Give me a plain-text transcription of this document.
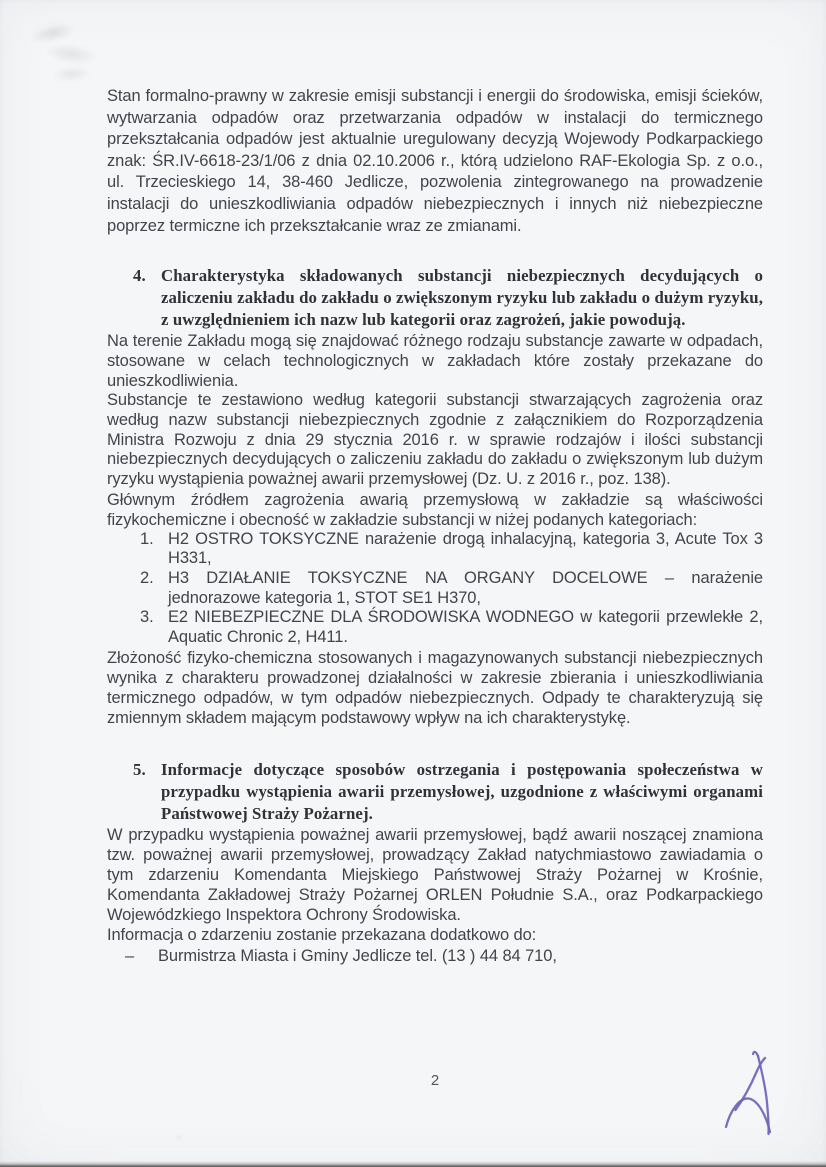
Stan formalno-prawny w zakresie emisji substancji i energii do środowiska, emisji ścieków, wytwarzania odpadów oraz przetwarzania odpadów w instalacji do termicznego przekształcania odpadów jest aktualnie uregulowany decyzją Wojewody Podkarpackiego znak: ŚR.IV-6618-23/1/06 z dnia 02.10.2006 r., którą udzielono RAF-Ekologia Sp. z o.o., ul. Trzecieskiego 14, 38-460 Jedlicze, pozwolenia zintegrowanego na prowadzenie instalacji do unieszkodliwiania odpadów niebezpiecznych i innych niż niebezpieczne poprzez termiczne ich przekształcanie wraz ze zmianami.

4. Charakterystyka składowanych substancji niebezpiecznych decydujących o zaliczeniu zakładu do zakładu o zwiększonym ryzyku lub zakładu o dużym ryzyku, z uwzględnieniem ich nazw lub kategorii oraz zagrożeń, jakie powodują.

Na terenie Zakładu mogą się znajdować różnego rodzaju substancje zawarte w odpadach, stosowane w celach technologicznych w zakładach które zostały przekazane do unieszkodliwienia.

Substancje te zestawiono według kategorii substancji stwarzających zagrożenia oraz według nazw substancji niebezpiecznych zgodnie z załącznikiem do Rozporządzenia Ministra Rozwoju z dnia 29 stycznia 2016 r. w sprawie rodzajów i ilości substancji niebezpiecznych decydujących o zaliczeniu zakładu do zakładu o zwiększonym lub dużym ryzyku wystąpienia poważnej awarii przemysłowej (Dz. U. z 2016 r., poz. 138).

Głównym źródłem zagrożenia awarią przemysłową w zakładzie są właściwości fizykochemiczne i obecność w zakładzie substancji w niżej podanych kategoriach:

1. H2 OSTRO TOKSYCZNE narażenie drogą inhalacyjną, kategoria 3, Acute Tox 3 H331,
2. H3 DZIAŁANIE TOKSYCZNE NA ORGANY DOCELOWE – narażenie jednorazowe kategoria 1, STOT SE1 H370,
3. E2 NIEBEZPIECZNE DLA ŚRODOWISKA WODNEGO w kategorii przewlekłe 2, Aquatic Chronic 2, H411.

Złożoność fizyko-chemiczna stosowanych i magazynowanych substancji niebezpiecznych wynika z charakteru prowadzonej działalności w zakresie zbierania i unieszkodliwiania termicznego odpadów, w tym odpadów niebezpiecznych. Odpady te charakteryzują się zmiennym składem mającym podstawowy wpływ na ich charakterystykę.

5. Informacje dotyczące sposobów ostrzegania i postępowania społeczeństwa w przypadku wystąpienia awarii przemysłowej, uzgodnione z właściwymi organami Państwowej Straży Pożarnej.

W przypadku wystąpienia poważnej awarii przemysłowej, bądź awarii noszącej znamiona tzw. poważnej awarii przemysłowej, prowadzący Zakład natychmiastowo zawiadamia o tym zdarzeniu Komendanta Miejskiego Państwowej Straży Pożarnej w Krośnie, Komendanta Zakładowej Straży Pożarnej ORLEN Południe S.A., oraz Podkarpackiego Wojewódzkiego Inspektora Ochrony Środowiska.

Informacja o zdarzeniu zostanie przekazana dodatkowo do:

–	Burmistrza Miasta i Gminy Jedlicze tel. (13 ) 44 84 710,
2
